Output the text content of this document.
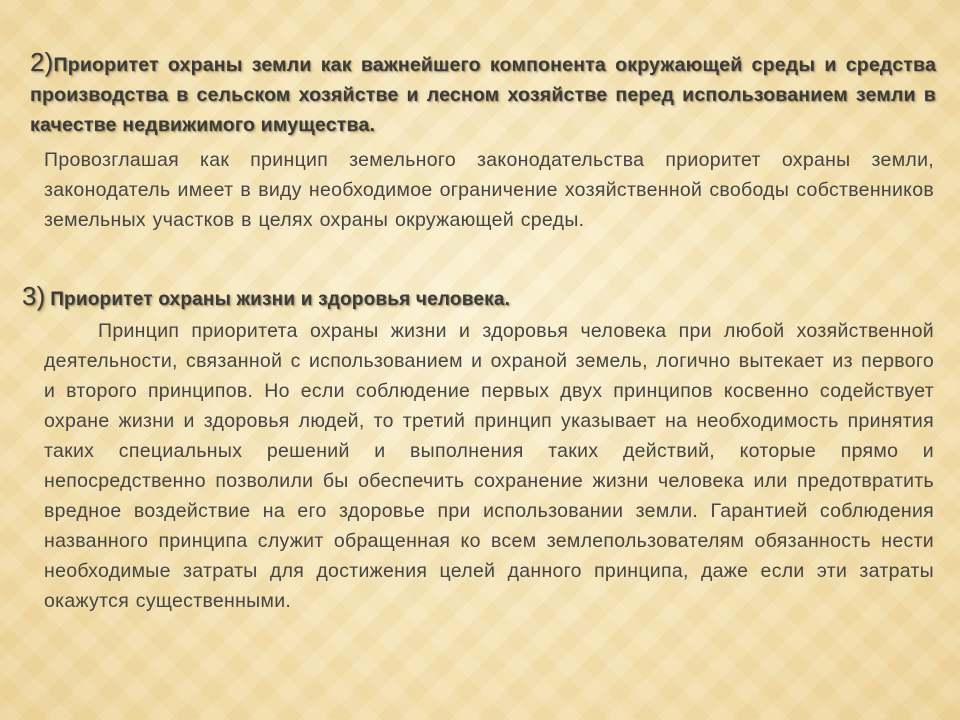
2)Приоритет охраны земли как важнейшего компонента окружающей среды и средства производства в сельском хозяйстве и лесном хозяйстве перед использованием земли в качестве недвижимого имущества.
Провозглашая как принцип земельного законодательства приоритет охраны земли, законодатель имеет в виду необходимое ограничение хозяйственной свободы собственников земельных участков в целях охраны окружающей среды.
3) Приоритет охраны жизни и здоровья человека.
Принцип приоритета охраны жизни и здоровья человека при любой хозяйственной деятельности, связанной с использованием и охраной земель, логично вытекает из первого и второго принципов. Но если соблюдение первых двух принципов косвенно содействует охране жизни и здоровья людей, то третий принцип указывает на необходимость принятия таких специальных решений и выполнения таких действий, которые прямо и непосредственно позволили бы обеспечить сохранение жизни человека или предотвратить вредное воздействие на его здоровье при использовании земли. Гарантией соблюдения названного принципа служит обращенная ко всем землепользователям обязанность нести необходимые затраты для достижения целей данного принципа, даже если эти затраты окажутся существенными.
